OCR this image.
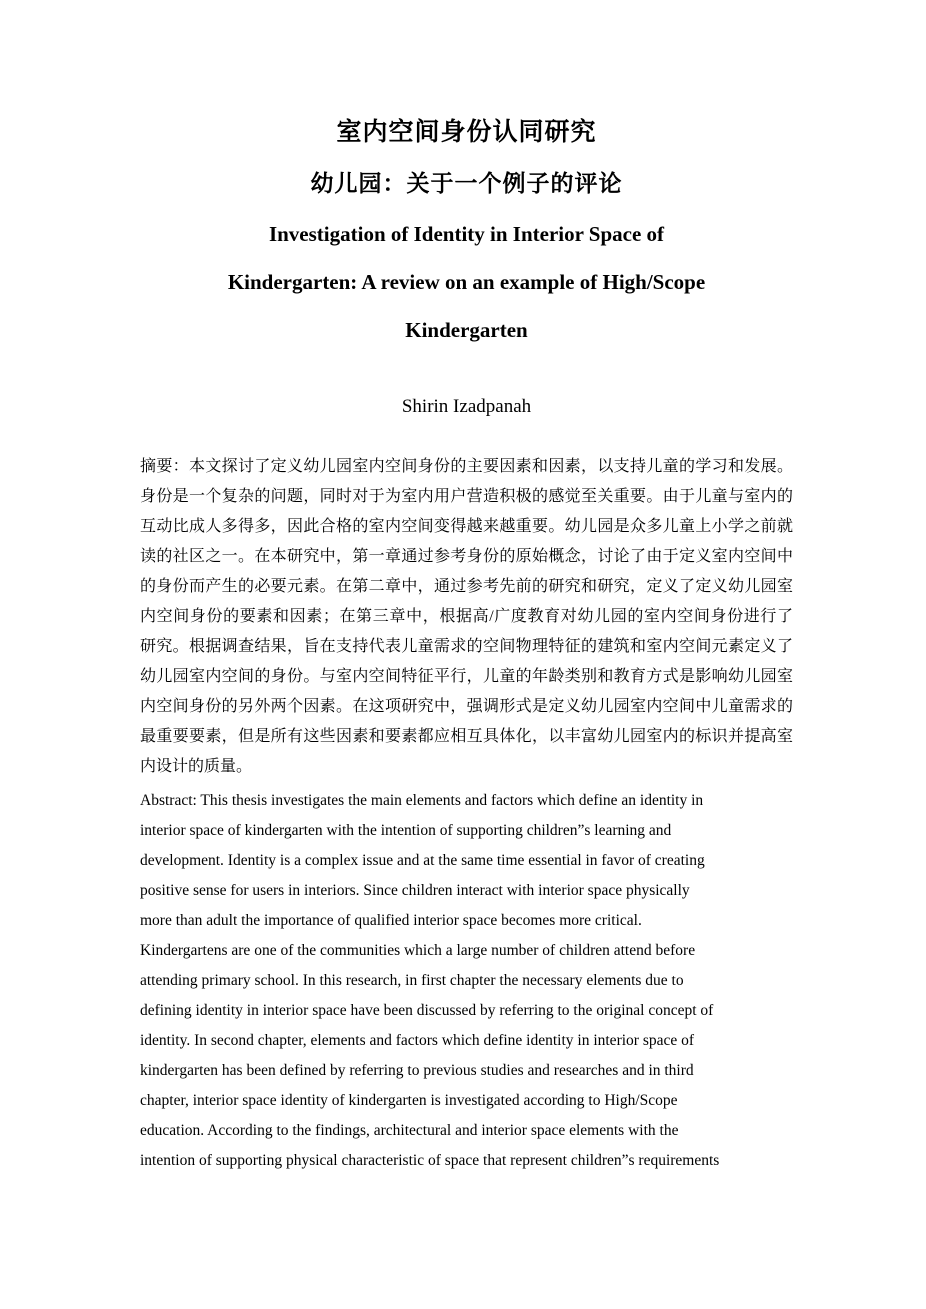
室内空间身份认同研究
幼儿园：关于一个例子的评论
Investigation of Identity in Interior Space of
Kindergarten: A review on an example of High/Scope
Kindergarten
Shirin Izadpanah
摘要：本文探讨了定义幼儿园室内空间身份的主要因素和因素，以支持儿童的学习和发展。
身份是一个复杂的问题，同时对于为室内用户营造积极的感觉至关重要。由于儿童与室内的
互动比成人多得多，因此合格的室内空间变得越来越重要。幼儿园是众多儿童上小学之前就
读的社区之一。在本研究中，第一章通过参考身份的原始概念，讨论了由于定义室内空间中
的身份而产生的必要元素。在第二章中，通过参考先前的研究和研究，定义了定义幼儿园室
内空间身份的要素和因素；在第三章中，根据高/广度教育对幼儿园的室内空间身份进行了
研究。根据调查结果，旨在支持代表儿童需求的空间物理特征的建筑和室内空间元素定义了
幼儿园室内空间的身份。与室内空间特征平行，儿童的年龄类别和教育方式是影响幼儿园室
内空间身份的另外两个因素。在这项研究中，强调形式是定义幼儿园室内空间中儿童需求的
最重要要素，但是所有这些因素和要素都应相互具体化，以丰富幼儿园室内的标识并提高室
内设计的质量。
Abstract: This thesis investigates the main elements and factors which define an identity in
interior space of kindergarten with the intention of supporting children”s learning and
development. Identity is a complex issue and at the same time essential in favor of creating
positive sense for users in interiors. Since children interact with interior space physically
more than adult the importance of qualified interior space becomes more critical.
Kindergartens are one of the communities which a large number of children attend before
attending primary school. In this research, in first chapter the necessary elements due to
defining identity in interior space have been discussed by referring to the original concept of
identity. In second chapter, elements and factors which define identity in interior space of
kindergarten has been defined by referring to previous studies and researches and in third
chapter, interior space identity of kindergarten is investigated according to High/Scope
education. According to the findings, architectural and interior space elements with the
intention of supporting physical characteristic of space that represent children”s requirements
